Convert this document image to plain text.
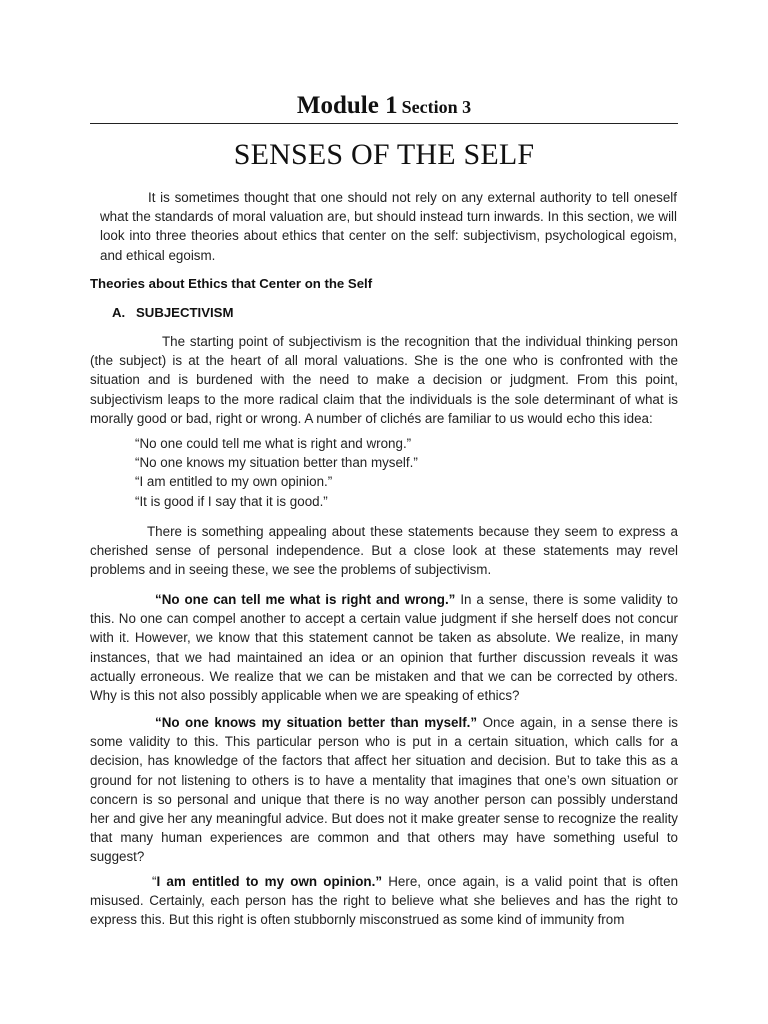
Module 1 Section 3
SENSES OF THE SELF

It is sometimes thought that one should not rely on any external authority to tell oneself what the standards of moral valuation are, but should instead turn inwards. In this section, we will look into three theories about ethics that center on the self: subjectivism, psychological egoism, and ethical egoism.

Theories about Ethics that Center on the Self
A. SUBJECTIVISM

The starting point of subjectivism is the recognition that the individual thinking person (the subject) is at the heart of all moral valuations. She is the one who is confronted with the situation and is burdened with the need to make a decision or judgment. From this point, subjectivism leaps to the more radical claim that the individuals is the sole determinant of what is morally good or bad, right or wrong. A number of clichés are familiar to us would echo this idea:

“No one could tell me what is right and wrong.”
“No one knows my situation better than myself.”
“I am entitled to my own opinion.”
“It is good if I say that it is good.”

There is something appealing about these statements because they seem to express a cherished sense of personal independence. But a close look at these statements may revel problems and in seeing these, we see the problems of subjectivism.

“No one can tell me what is right and wrong.” In a sense, there is some validity to this. No one can compel another to accept a certain value judgment if she herself does not concur with it. However, we know that this statement cannot be taken as absolute. We realize, in many instances, that we had maintained an idea or an opinion that further discussion reveals it was actually erroneous. We realize that we can be mistaken and that we can be corrected by others. Why is this not also possibly applicable when we are speaking of ethics?

“No one knows my situation better than myself.” Once again, in a sense there is some validity to this. This particular person who is put in a certain situation, which calls for a decision, has knowledge of the factors that affect her situation and decision. But to take this as a ground for not listening to others is to have a mentality that imagines that one’s own situation or concern is so personal and unique that there is no way another person can possibly understand her and give her any meaningful advice. But does not it make greater sense to recognize the reality that many human experiences are common and that others may have something useful to suggest?

“I am entitled to my own opinion.” Here, once again, is a valid point that is often misused. Certainly, each person has the right to believe what she believes and has the right to express this. But this right is often stubbornly misconstrued as some kind of immunity from
